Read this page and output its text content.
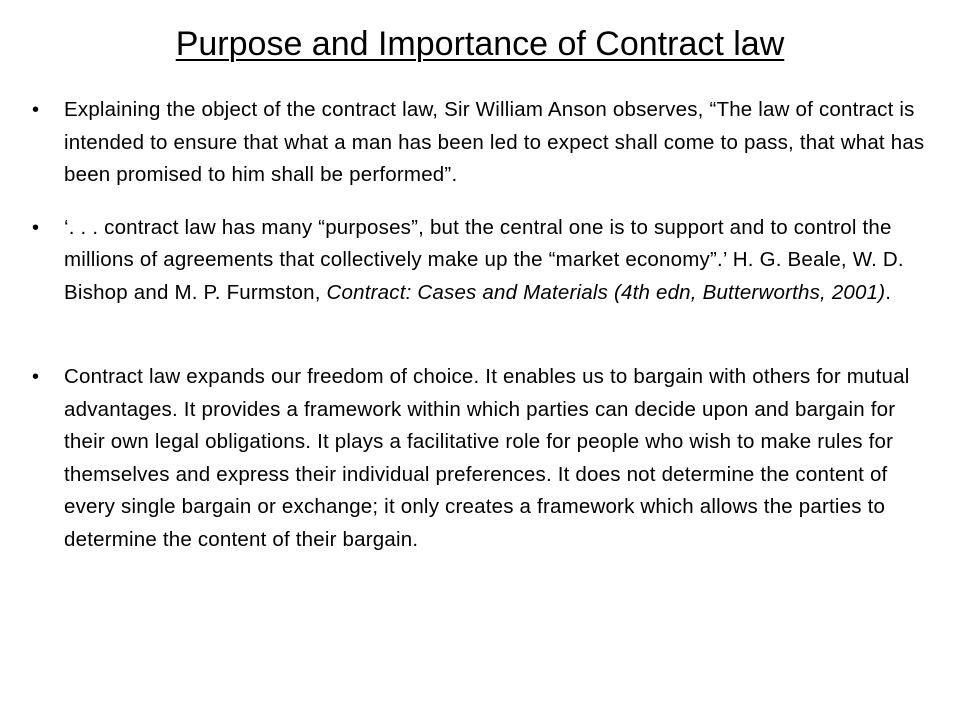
Purpose and Importance of Contract law
•	Explaining the object of the contract law, Sir William Anson observes, “The law of contract is intended to ensure that what a man has been led to expect shall come to pass, that what has been promised to him shall be performed”.
•	‘. . . contract law has many “purposes”, but the central one is to support and to control the millions of agreements that collectively make up the “market economy”.’ H. G. Beale, W. D. Bishop and M. P. Furmston, Contract: Cases and Materials (4th edn, Butterworths, 2001).
•	Contract law expands our freedom of choice. It enables us to bargain with others for mutual advantages. It provides a framework within which parties can decide upon and bargain for their own legal obligations. It plays a facilitative role for people who wish to make rules for themselves and express their individual preferences. It does not determine the content of every single bargain or exchange; it only creates a framework which allows the parties to determine the content of their bargain.
